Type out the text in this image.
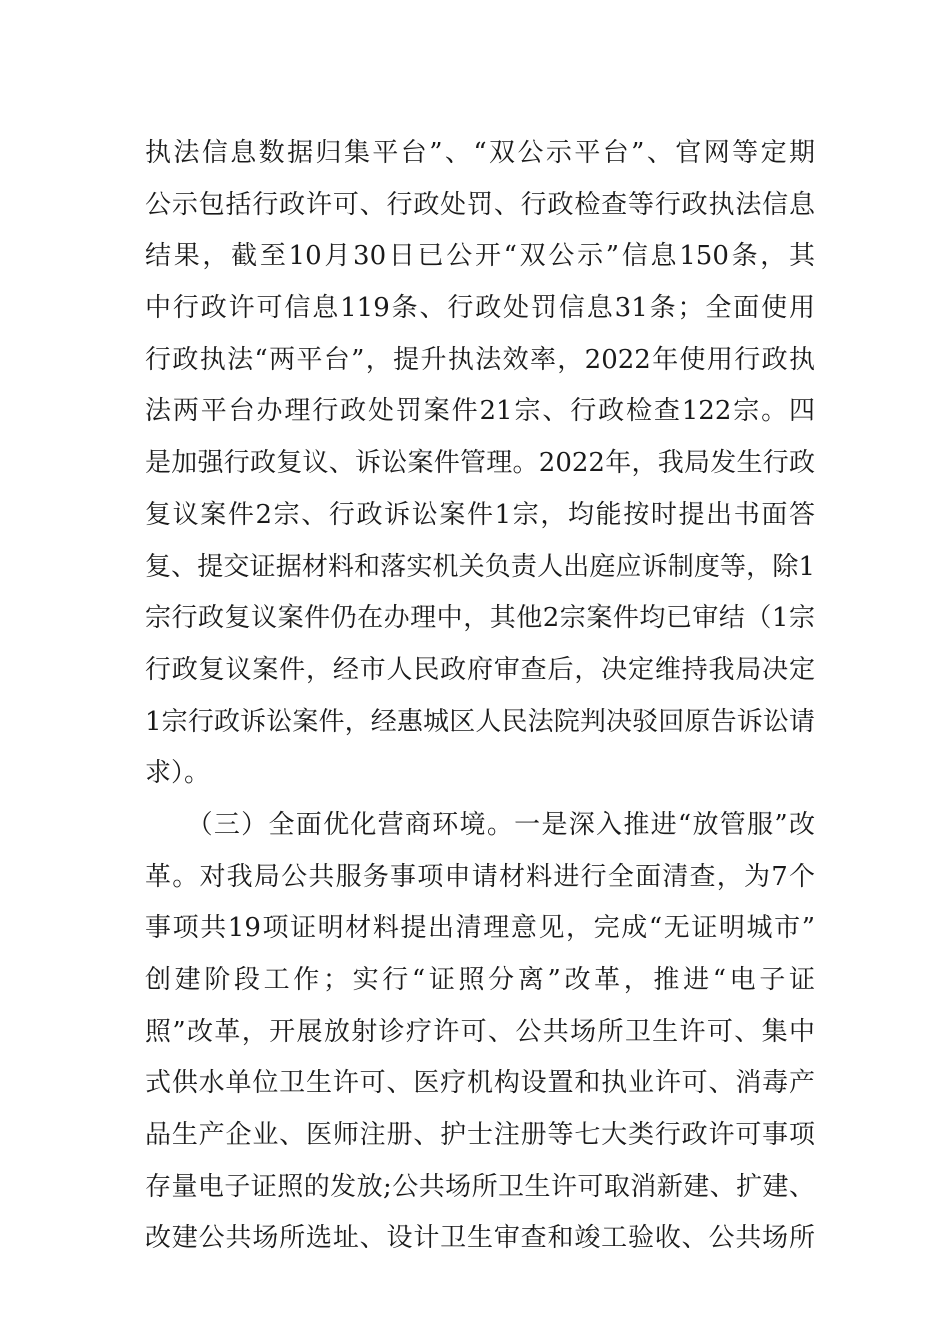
执法信息数据归集平台”、“双公示平台”、官网等定期
公示包括行政许可、行政处罚、行政检查等行政执法信息
结果，截至10月30日已公开“双公示”信息150条，其
中行政许可信息119条、行政处罚信息31条；全面使用
行政执法“两平台”，提升执法效率，2022年使用行政执
法两平台办理行政处罚案件21宗、行政检查122宗。四
是加强行政复议、诉讼案件管理。2022年，我局发生行政
复议案件2宗、行政诉讼案件1宗，均能按时提出书面答
复、提交证据材料和落实机关负责人出庭应诉制度等，除1
宗行政复议案件仍在办理中，其他2宗案件均已审结（1宗
行政复议案件，经市人民政府审查后，决定维持我局决定
1宗行政诉讼案件，经惠城区人民法院判决驳回原告诉讼请
求）。
　　（三）全面优化营商环境。一是深入推进“放管服”改
革。对我局公共服务事项申请材料进行全面清查，为7个
事项共19项证明材料提出清理意见，完成“无证明城市”
创建阶段工作；实行“证照分离”改革，推进“电子证
照”改革，开展放射诊疗许可、公共场所卫生许可、集中
式供水单位卫生许可、医疗机构设置和执业许可、消毒产
品生产企业、医师注册、护士注册等七大类行政许可事项
存量电子证照的发放;公共场所卫生许可取消新建、扩建、
改建公共场所选址、设计卫生审查和竣工验收、公共场所
